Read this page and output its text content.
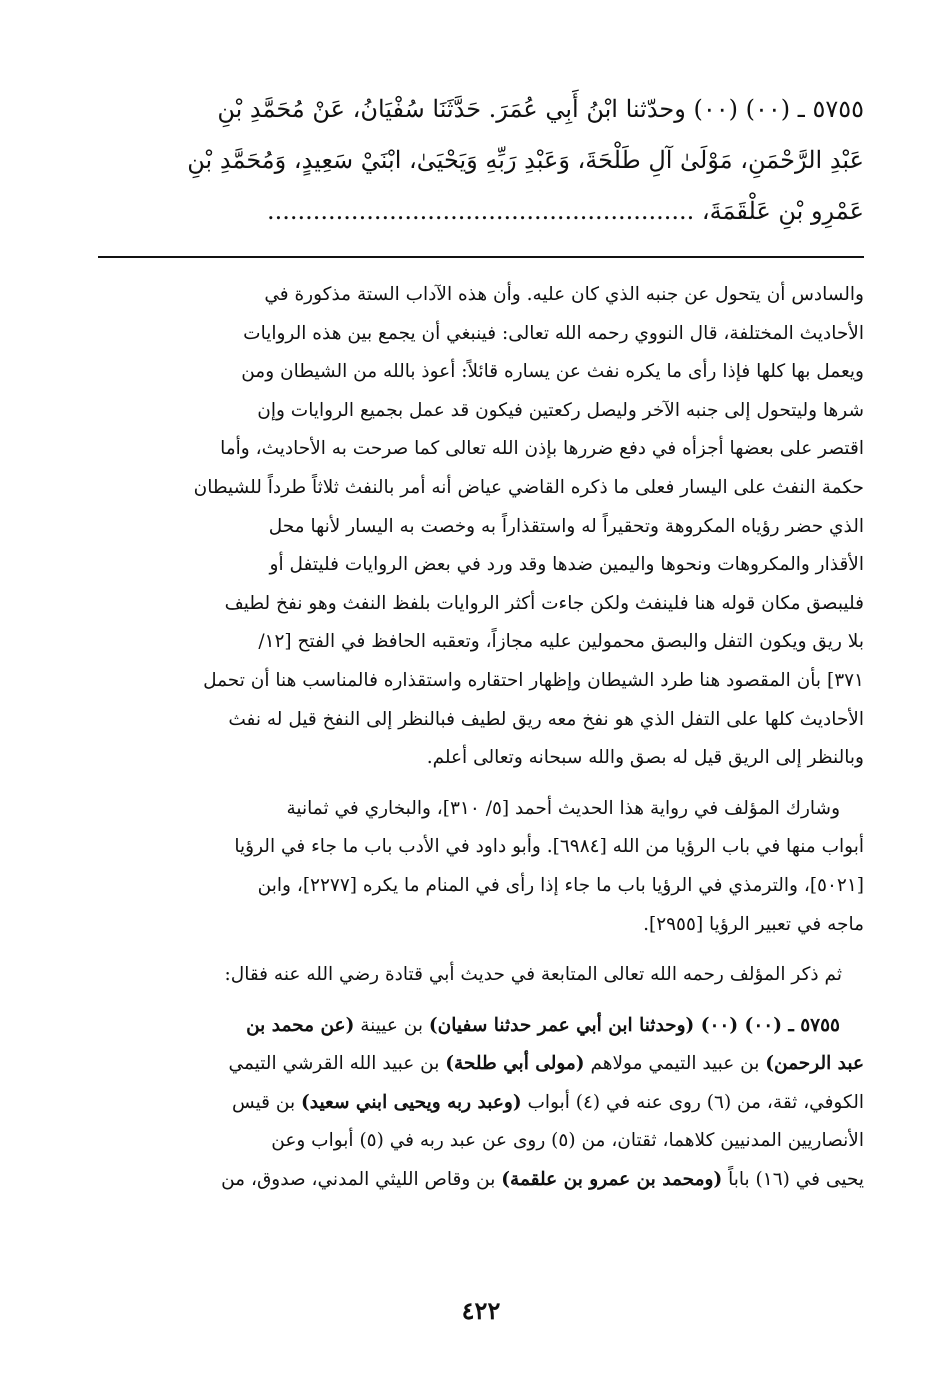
٥٧٥٥ ـ (٠٠) (٠٠) وحدّثنا ابْنُ أَبِي عُمَرَ. حَدَّثَنَا سُفْيَانُ، عَنْ مُحَمَّدِ بْنِ

عَبْدِ الرَّحْمَنِ، مَوْلَىٰ آلِ طَلْحَةَ، وَعَبْدِ رَبِّهِ وَيَحْيَىٰ، ابْنَيْ سَعِيدٍ، وَمُحَمَّدِ بْنِ

عَمْرِو بْنِ عَلْقَمَةَ، ........................................................

والسادس أن يتحول عن جنبه الذي كان عليه. وأن هذه الآداب الستة مذكورة في

الأحاديث المختلفة، قال النووي رحمه الله تعالى: فينبغي أن يجمع بين هذه الروايات

ويعمل بها كلها فإذا رأى ما يكره نفث عن يساره قائلاً: أعوذ بالله من الشيطان ومن

شرها وليتحول إلى جنبه الآخر وليصل ركعتين فيكون قد عمل بجميع الروايات وإن

اقتصر على بعضها أجزأه في دفع ضررها بإذن الله تعالى كما صرحت به الأحاديث، وأما

حكمة النفث على اليسار فعلى ما ذكره القاضي عياض أنه أمر بالنفث ثلاثاً طرداً للشيطان

الذي حضر رؤياه المكروهة وتحقيراً له واستقذاراً به وخصت به اليسار لأنها محل

الأقذار والمكروهات ونحوها واليمين ضدها وقد ورد في بعض الروايات فليتفل أو

فليبصق مكان قوله هنا فلينفث ولكن جاءت أكثر الروايات بلفظ النفث وهو نفخ لطيف

بلا ريق ويكون التفل والبصق محمولين عليه مجازاً، وتعقبه الحافظ في الفتح [١٢/

٣٧١] بأن المقصود هنا طرد الشيطان وإظهار احتقاره واستقذاره فالمناسب هنا أن تحمل

الأحاديث كلها على التفل الذي هو نفخ معه ريق لطيف فبالنظر إلى النفخ قيل له نفث

وبالنظر إلى الريق قيل له بصق والله سبحانه وتعالى أعلم.

وشارك المؤلف في رواية هذا الحديث أحمد [٥/ ٣١٠]، والبخاري في ثمانية

أبواب منها في باب الرؤيا من الله [٦٩٨٤]. وأبو داود في الأدب باب ما جاء في الرؤيا

[٥٠٢١]، والترمذي في الرؤيا باب ما جاء إذا رأى في المنام ما يكره [٢٢٧٧]، وابن

ماجه في تعبير الرؤيا [٢٩٥٥].

ثم ذكر المؤلف رحمه الله تعالى المتابعة في حديث أبي قتادة رضي الله عنه فقال:

٥٧٥٥ ـ (٠٠) (٠٠) (وحدثنا ابن أبي عمر حدثنا سفيان) بن عيينة (عن محمد بن

عبد الرحمن) بن عبيد التيمي مولاهم (مولى أبي طلحة) بن عبيد الله القرشي التيمي

الكوفي، ثقة، من (٦) روى عنه في (٤) أبواب (وعبد ربه ويحيى ابني سعيد) بن قيس

الأنصاريين المدنيين كلاهما، ثقتان، من (٥) روى عن عبد ربه في (٥) أبواب وعن

يحيى في (١٦) باباً (ومحمد بن عمرو بن علقمة) بن وقاص الليثي المدني، صدوق، من

٤٢٢
